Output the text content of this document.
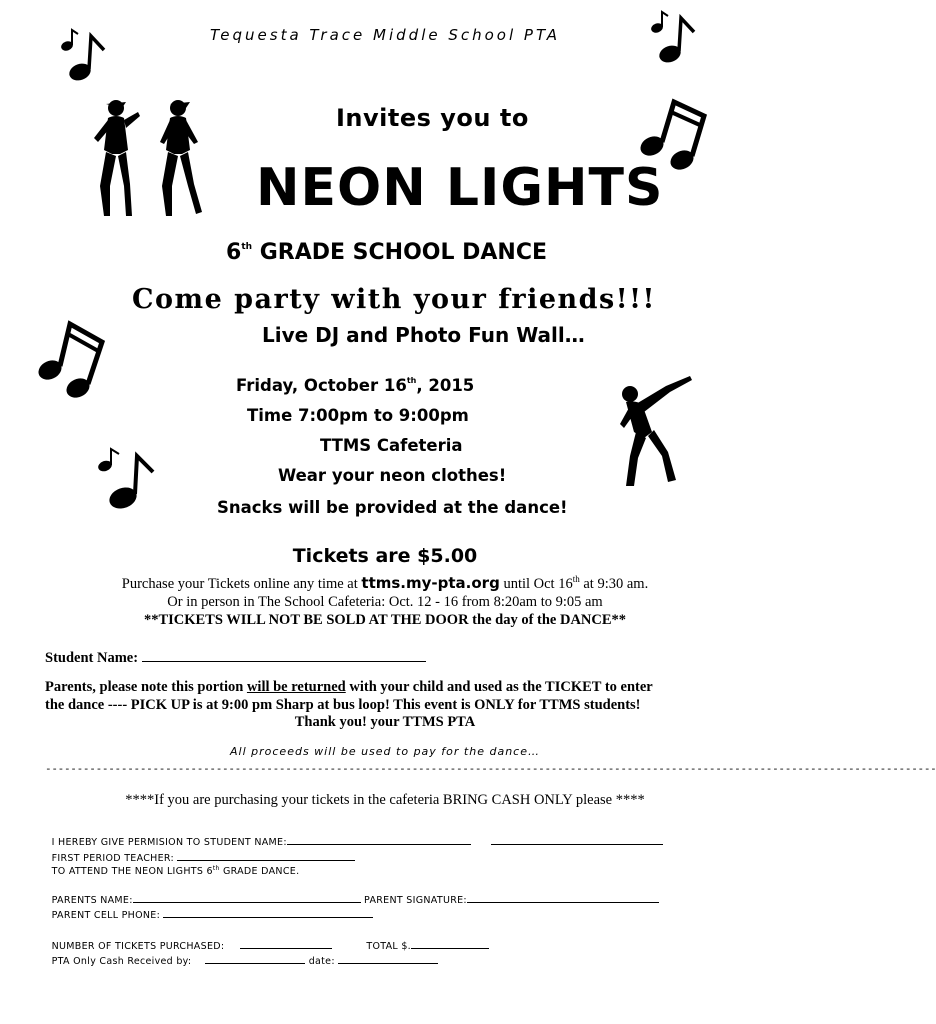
Tequesta Trace Middle School PTA
Invites you to
NEON LIGHTS
6th GRADE SCHOOL DANCE
Come party with your friends!!!
Live DJ and Photo Fun Wall…
Friday, October 16th, 2015
Time 7:00pm to 9:00pm
TTMS Cafeteria
Wear your neon clothes!
Snacks will be provided at the dance!
Tickets are $5.00
Purchase your Tickets online any time at ttms.my-pta.org until Oct 16th at 9:30 am.
Or in person in The School Cafeteria: Oct. 12 - 16 from 8:20am to 9:05 am
**TICKETS WILL NOT BE SOLD AT THE DOOR the day of the DANCE**
Student Name:
Parents, please note this portion will be returned with your child and used as the TICKET to enter
the dance ---- PICK UP is at 9:00 pm Sharp at bus loop! This event is ONLY for TTMS students!
Thank you! your TTMS PTA
All proceeds will be used to pay for the dance…
---------------------------------------------------------------------------------------------------------------------------------------------
****If you are purchasing your tickets in the cafeteria BRING CASH ONLY please ****

I HEREBY GIVE PERMISION TO STUDENT NAME:

FIRST PERIOD TEACHER:

TO ATTEND THE NEON LIGHTS 6th GRADE DANCE.

PARENTS NAME:	PARENT SIGNATURE:

PARENT CELL PHONE:

NUMBER OF TICKETS PURCHASED:	TOTAL $.

PTA Only Cash Received by:	date:
